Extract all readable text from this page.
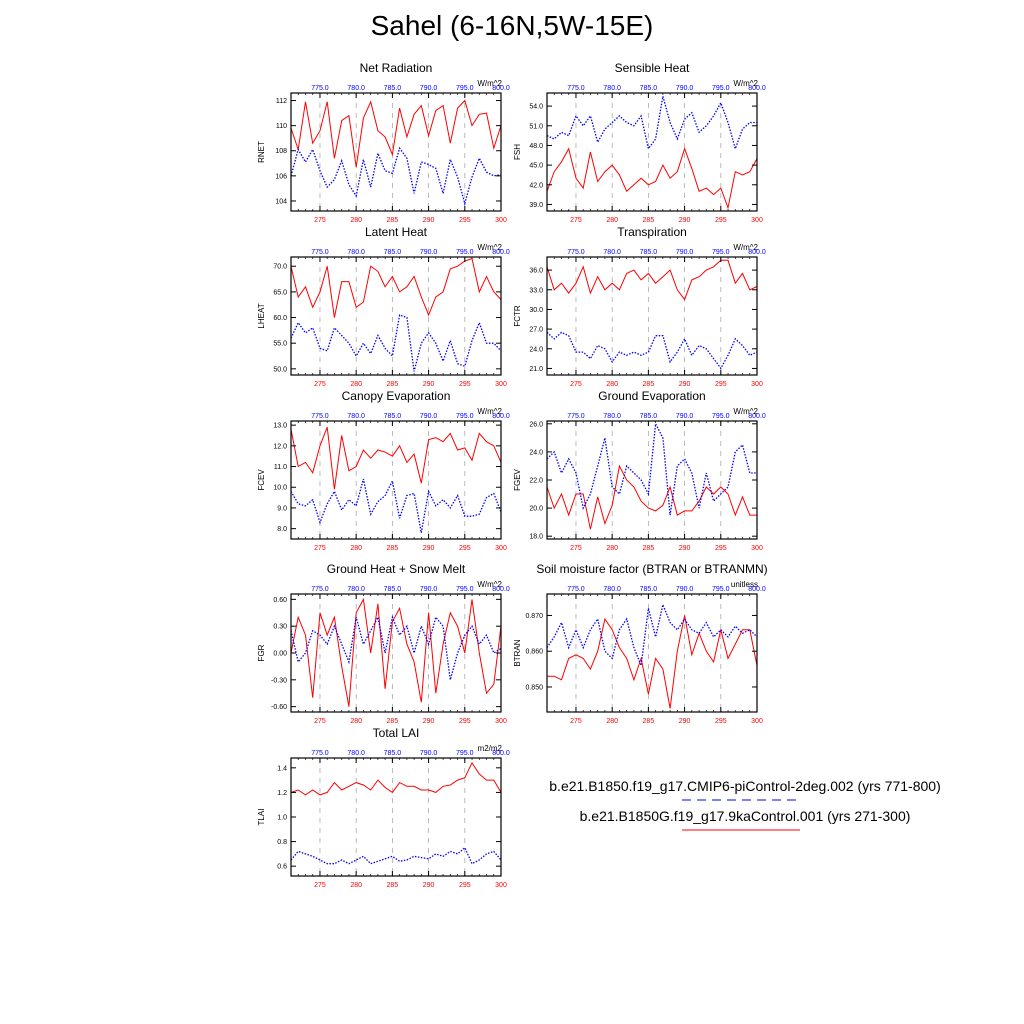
Sahel (6-16N,5W-15E)
Net Radiation
W/m^2
RNET
275	280	285	290	295	300
775.0	780.0	785.0	790.0	795.0	800.0
104
106
108
110
112
Sensible Heat
W/m^2
FSH
275	280	285	290	295	300
775.0	780.0	785.0	790.0	795.0	800.0
39.0
42.0
45.0
48.0
51.0
54.0
Latent Heat
W/m^2
LHEAT
275	280	285	290	295	300
775.0	780.0	785.0	790.0	795.0	800.0
50.0
55.0
60.0
65.0
70.0
Transpiration
W/m^2
FCTR
275	280	285	290	295	300
775.0	780.0	785.0	790.0	795.0	800.0
21.0
24.0
27.0
30.0
33.0
36.0
Canopy Evaporation
W/m^2
FCEV
275	280	285	290	295	300
775.0	780.0	785.0	790.0	795.0	800.0
8.0
9.0
10.0
11.0
12.0
13.0
Ground Evaporation
W/m^2
FGEV
275	280	285	290	295	300
775.0	780.0	785.0	790.0	795.0	800.0
18.0
20.0
22.0
24.0
26.0
Ground Heat + Snow Melt
W/m^2
FGR
275	280	285	290	295	300
775.0	780.0	785.0	790.0	795.0	800.0
0.60
0.30
0.00
-0.30
-0.60
Soil moisture factor (BTRAN or BTRANMN)
unitless
BTRAN
275	280	285	290	295	300
775.0	780.0	785.0	790.0	795.0	800.0
0.870
0.860
0.850
Total LAI
m2/m2
TLAI
275	280	285	290	295	300
775.0	780.0	785.0	790.0	795.0	800.0
0.6
0.8
1.0
1.2
1.4
b.e21.B1850.f19_g17.CMIP6-piControl-2deg.002 (yrs 771-800)
b.e21.B1850G.f19_g17.9kaControl.001 (yrs 271-300)
